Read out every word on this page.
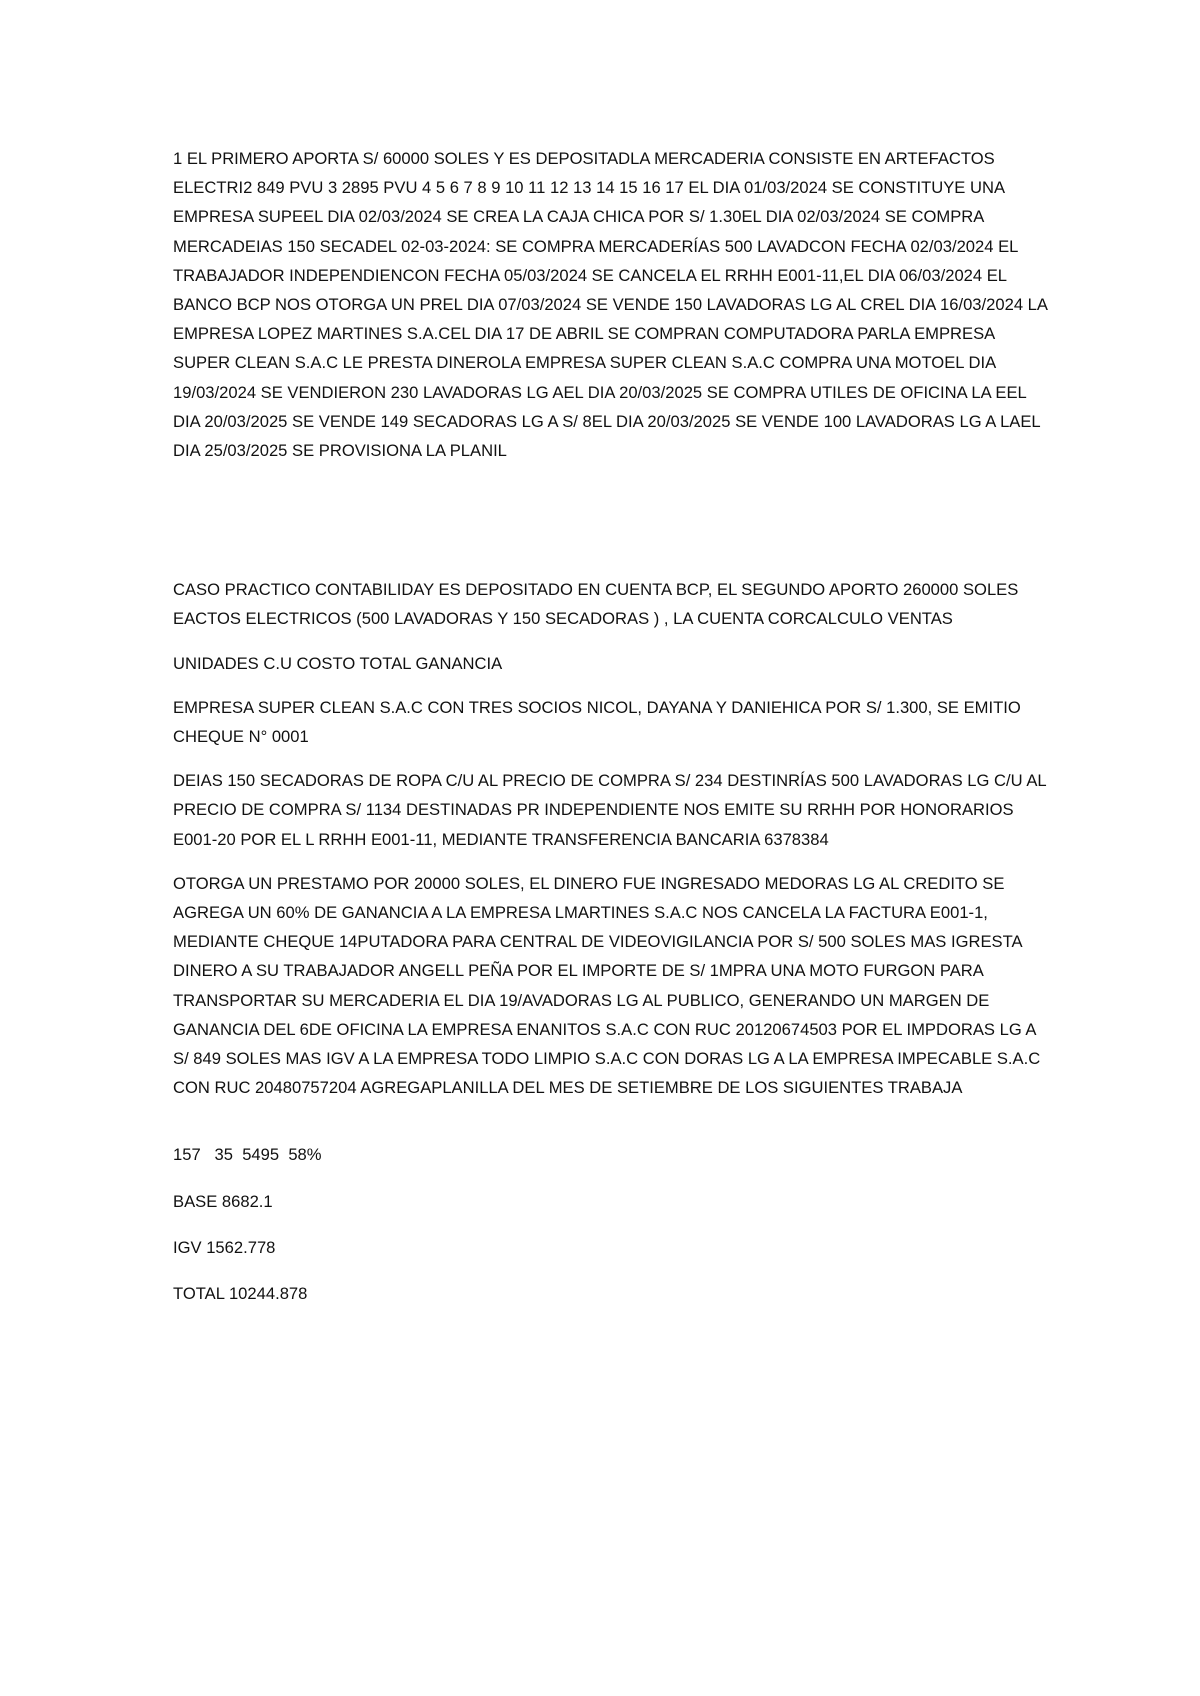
1 EL PRIMERO APORTA S/ 60000 SOLES Y ES DEPOSITADLA MERCADERIA CONSISTE EN ARTEFACTOS ELECTRI2 849 PVU 3 2895 PVU 4 5 6 7 8 9 10 11 12 13 14 15 16 17 EL DIA 01/03/2024 SE CONSTITUYE UNA EMPRESA SUPEEL DIA 02/03/2024 SE CREA LA CAJA CHICA POR S/ 1.30EL DIA 02/03/2024 SE COMPRA MERCADEIAS 150 SECADEL 02-03-2024: SE COMPRA MERCADERÍAS 500 LAVADCON FECHA 02/03/2024 EL TRABAJADOR INDEPENDIENCON FECHA 05/03/2024 SE CANCELA EL RRHH E001-11,EL DIA 06/03/2024 EL BANCO BCP NOS OTORGA UN PREL DIA 07/03/2024 SE VENDE 150 LAVADORAS LG AL CREL DIA 16/03/2024 LA EMPRESA LOPEZ MARTINES S.A.CEL DIA 17 DE ABRIL SE COMPRAN COMPUTADORA PARLA EMPRESA SUPER CLEAN S.A.C LE PRESTA DINEROLA EMPRESA SUPER CLEAN S.A.C COMPRA UNA MOTOEL DIA 19/03/2024 SE VENDIERON 230 LAVADORAS LG AEL DIA 20/03/2025 SE COMPRA UTILES DE OFICINA LA EEL DIA 20/03/2025 SE VENDE 149 SECADORAS LG A S/ 8EL DIA 20/03/2025 SE VENDE 100 LAVADORAS LG A LAEL DIA 25/03/2025 SE PROVISIONA LA PLANIL

CASO PRACTICO CONTABILIDAY ES DEPOSITADO EN CUENTA BCP, EL SEGUNDO APORTO 260000 SOLES EACTOS ELECTRICOS (500 LAVADORAS Y 150 SECADORAS ) , LA CUENTA CORCALCULO VENTAS

UNIDADES C.U COSTO TOTAL GANANCIA

EMPRESA SUPER CLEAN S.A.C CON TRES SOCIOS NICOL, DAYANA Y DANIEHICA POR S/ 1.300, SE EMITIO CHEQUE N° 0001

DEIAS 150 SECADORAS DE ROPA C/U AL PRECIO DE COMPRA S/ 234 DESTINRÍAS 500 LAVADORAS LG C/U AL PRECIO DE COMPRA S/ 1134 DESTINADAS PR INDEPENDIENTE NOS EMITE SU RRHH POR HONORARIOS E001-20 POR EL L RRHH E001-11, MEDIANTE TRANSFERENCIA BANCARIA 6378384

OTORGA UN PRESTAMO POR 20000 SOLES, EL DINERO FUE INGRESADO MEDORAS LG AL CREDITO SE AGREGA UN 60% DE GANANCIA A LA EMPRESA LMARTINES S.A.C NOS CANCELA LA FACTURA E001-1, MEDIANTE CHEQUE 14PUTADORA PARA CENTRAL DE VIDEOVIGILANCIA POR S/ 500 SOLES MAS IGRESTA DINERO A SU TRABAJADOR ANGELL PEÑA POR EL IMPORTE DE S/ 1MPRA UNA MOTO FURGON PARA TRANSPORTAR SU MERCADERIA EL DIA 19/AVADORAS LG AL PUBLICO, GENERANDO UN MARGEN DE GANANCIA DEL 6DE OFICINA LA EMPRESA ENANITOS S.A.C CON RUC 20120674503 POR EL IMPDORAS LG A S/ 849 SOLES MAS IGV A LA EMPRESA TODO LIMPIO S.A.C CON DORAS LG A LA EMPRESA IMPECABLE S.A.C CON RUC 20480757204 AGREGAPLANILLA DEL MES DE SETIEMBRE DE LOS SIGUIENTES TRABAJA

157   35  5495  58%

BASE 8682.1

IGV 1562.778

TOTAL 10244.878
